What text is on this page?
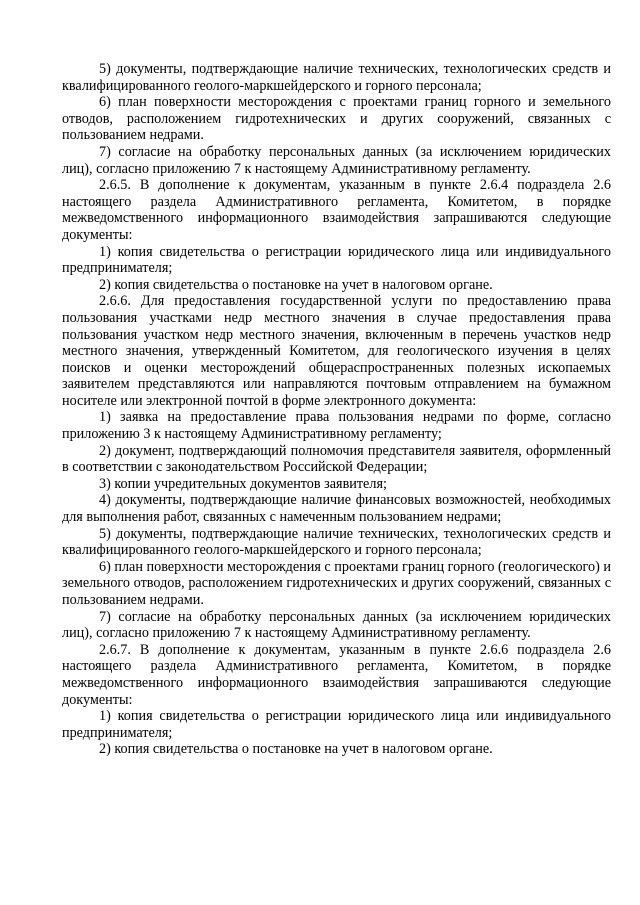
5) документы, подтверждающие наличие технических, технологических средств и квалифицированного геолого-маркшейдерского и горного персонала;

6) план поверхности месторождения с проектами границ горного и земельного отводов, расположением гидротехнических и других сооружений, связанных с пользованием недрами.

7) согласие на обработку персональных данных (за исключением юридических лиц), согласно приложению 7 к настоящему Административному регламенту.

2.6.5. В дополнение к документам, указанным в пункте 2.6.4 подраздела 2.6 настоящего раздела Административного регламента, Комитетом, в порядке межведомственного информационного взаимодействия запрашиваются следующие документы:

1) копия свидетельства о регистрации юридического лица или индивидуального предпринимателя;

2) копия свидетельства о постановке на учет в налоговом органе.

2.6.6. Для предоставления государственной услуги по предоставлению права пользования участками недр местного значения в случае предоставления права пользования участком недр местного значения, включенным в перечень участков недр местного значения, утвержденный Комитетом, для геологического изучения в целях поисков и оценки месторождений общераспространенных полезных ископаемых заявителем представляются или направляются почтовым отправлением на бумажном носителе или электронной почтой в форме электронного документа:

1) заявка на предоставление права пользования недрами по форме, согласно приложению 3 к настоящему Административному регламенту;

2) документ, подтверждающий полномочия представителя заявителя, оформленный в соответствии с законодательством Российской Федерации;

3) копии учредительных документов заявителя;

4) документы, подтверждающие наличие финансовых возможностей, необходимых для выполнения работ, связанных с намеченным пользованием недрами;

5) документы, подтверждающие наличие технических, технологических средств и квалифицированного геолого-маркшейдерского и горного персонала;

6) план поверхности месторождения с проектами границ горного (геологического) и земельного отводов, расположением гидротехнических и других сооружений, связанных с пользованием недрами.

7) согласие на обработку персональных данных (за исключением юридических лиц), согласно приложению 7 к настоящему Административному регламенту.

2.6.7. В дополнение к документам, указанным в пункте 2.6.6 подраздела 2.6 настоящего раздела Административного регламента, Комитетом, в порядке межведомственного информационного взаимодействия запрашиваются следующие документы:

1) копия свидетельства о регистрации юридического лица или индивидуального предпринимателя;

2) копия свидетельства о постановке на учет в налоговом органе.
